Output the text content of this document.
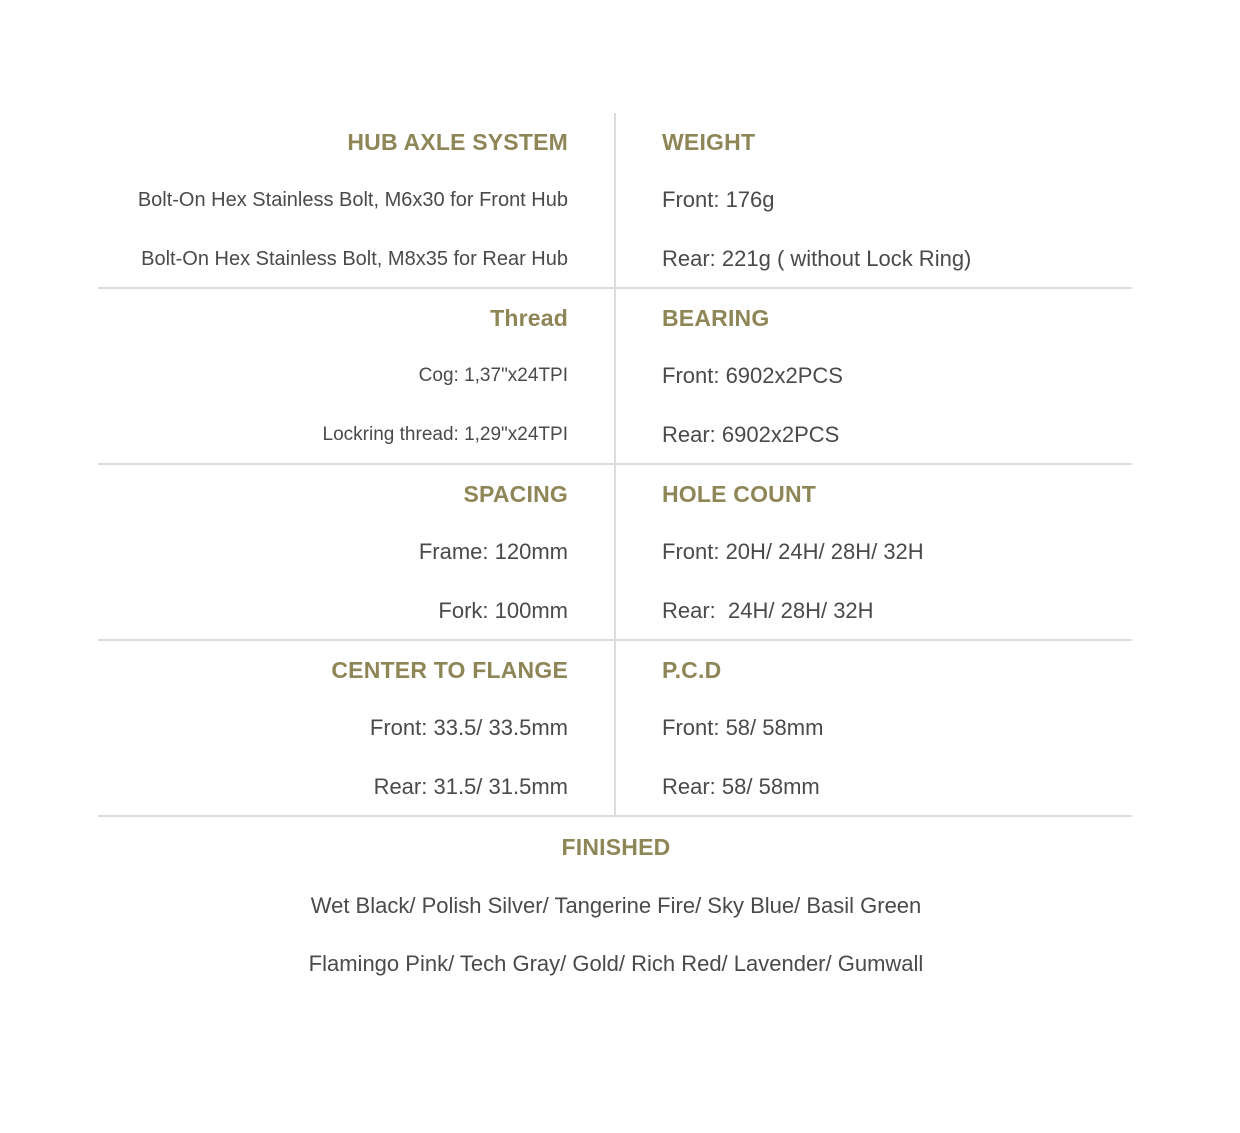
HUB AXLE SYSTEM
Bolt-On Hex Stainless Bolt, M6x30 for Front Hub
Bolt-On Hex Stainless Bolt, M8x35 for Rear Hub
WEIGHT
Front: 176g
Rear: 221g ( without Lock Ring)
Thread
Cog: 1,37"x24TPI
Lockring thread: 1,29"x24TPI
BEARING
Front: 6902x2PCS
Rear: 6902x2PCS
SPACING
Frame: 120mm
Fork: 100mm
HOLE COUNT
Front: 20H/ 24H/ 28H/ 32H
Rear:  24H/ 28H/ 32H
CENTER TO FLANGE
Front: 33.5/ 33.5mm
Rear: 31.5/ 31.5mm
P.C.D
Front: 58/ 58mm
Rear: 58/ 58mm
FINISHED
Wet Black/ Polish Silver/ Tangerine Fire/ Sky Blue/ Basil Green
Flamingo Pink/ Tech Gray/ Gold/ Rich Red/ Lavender/ Gumwall
